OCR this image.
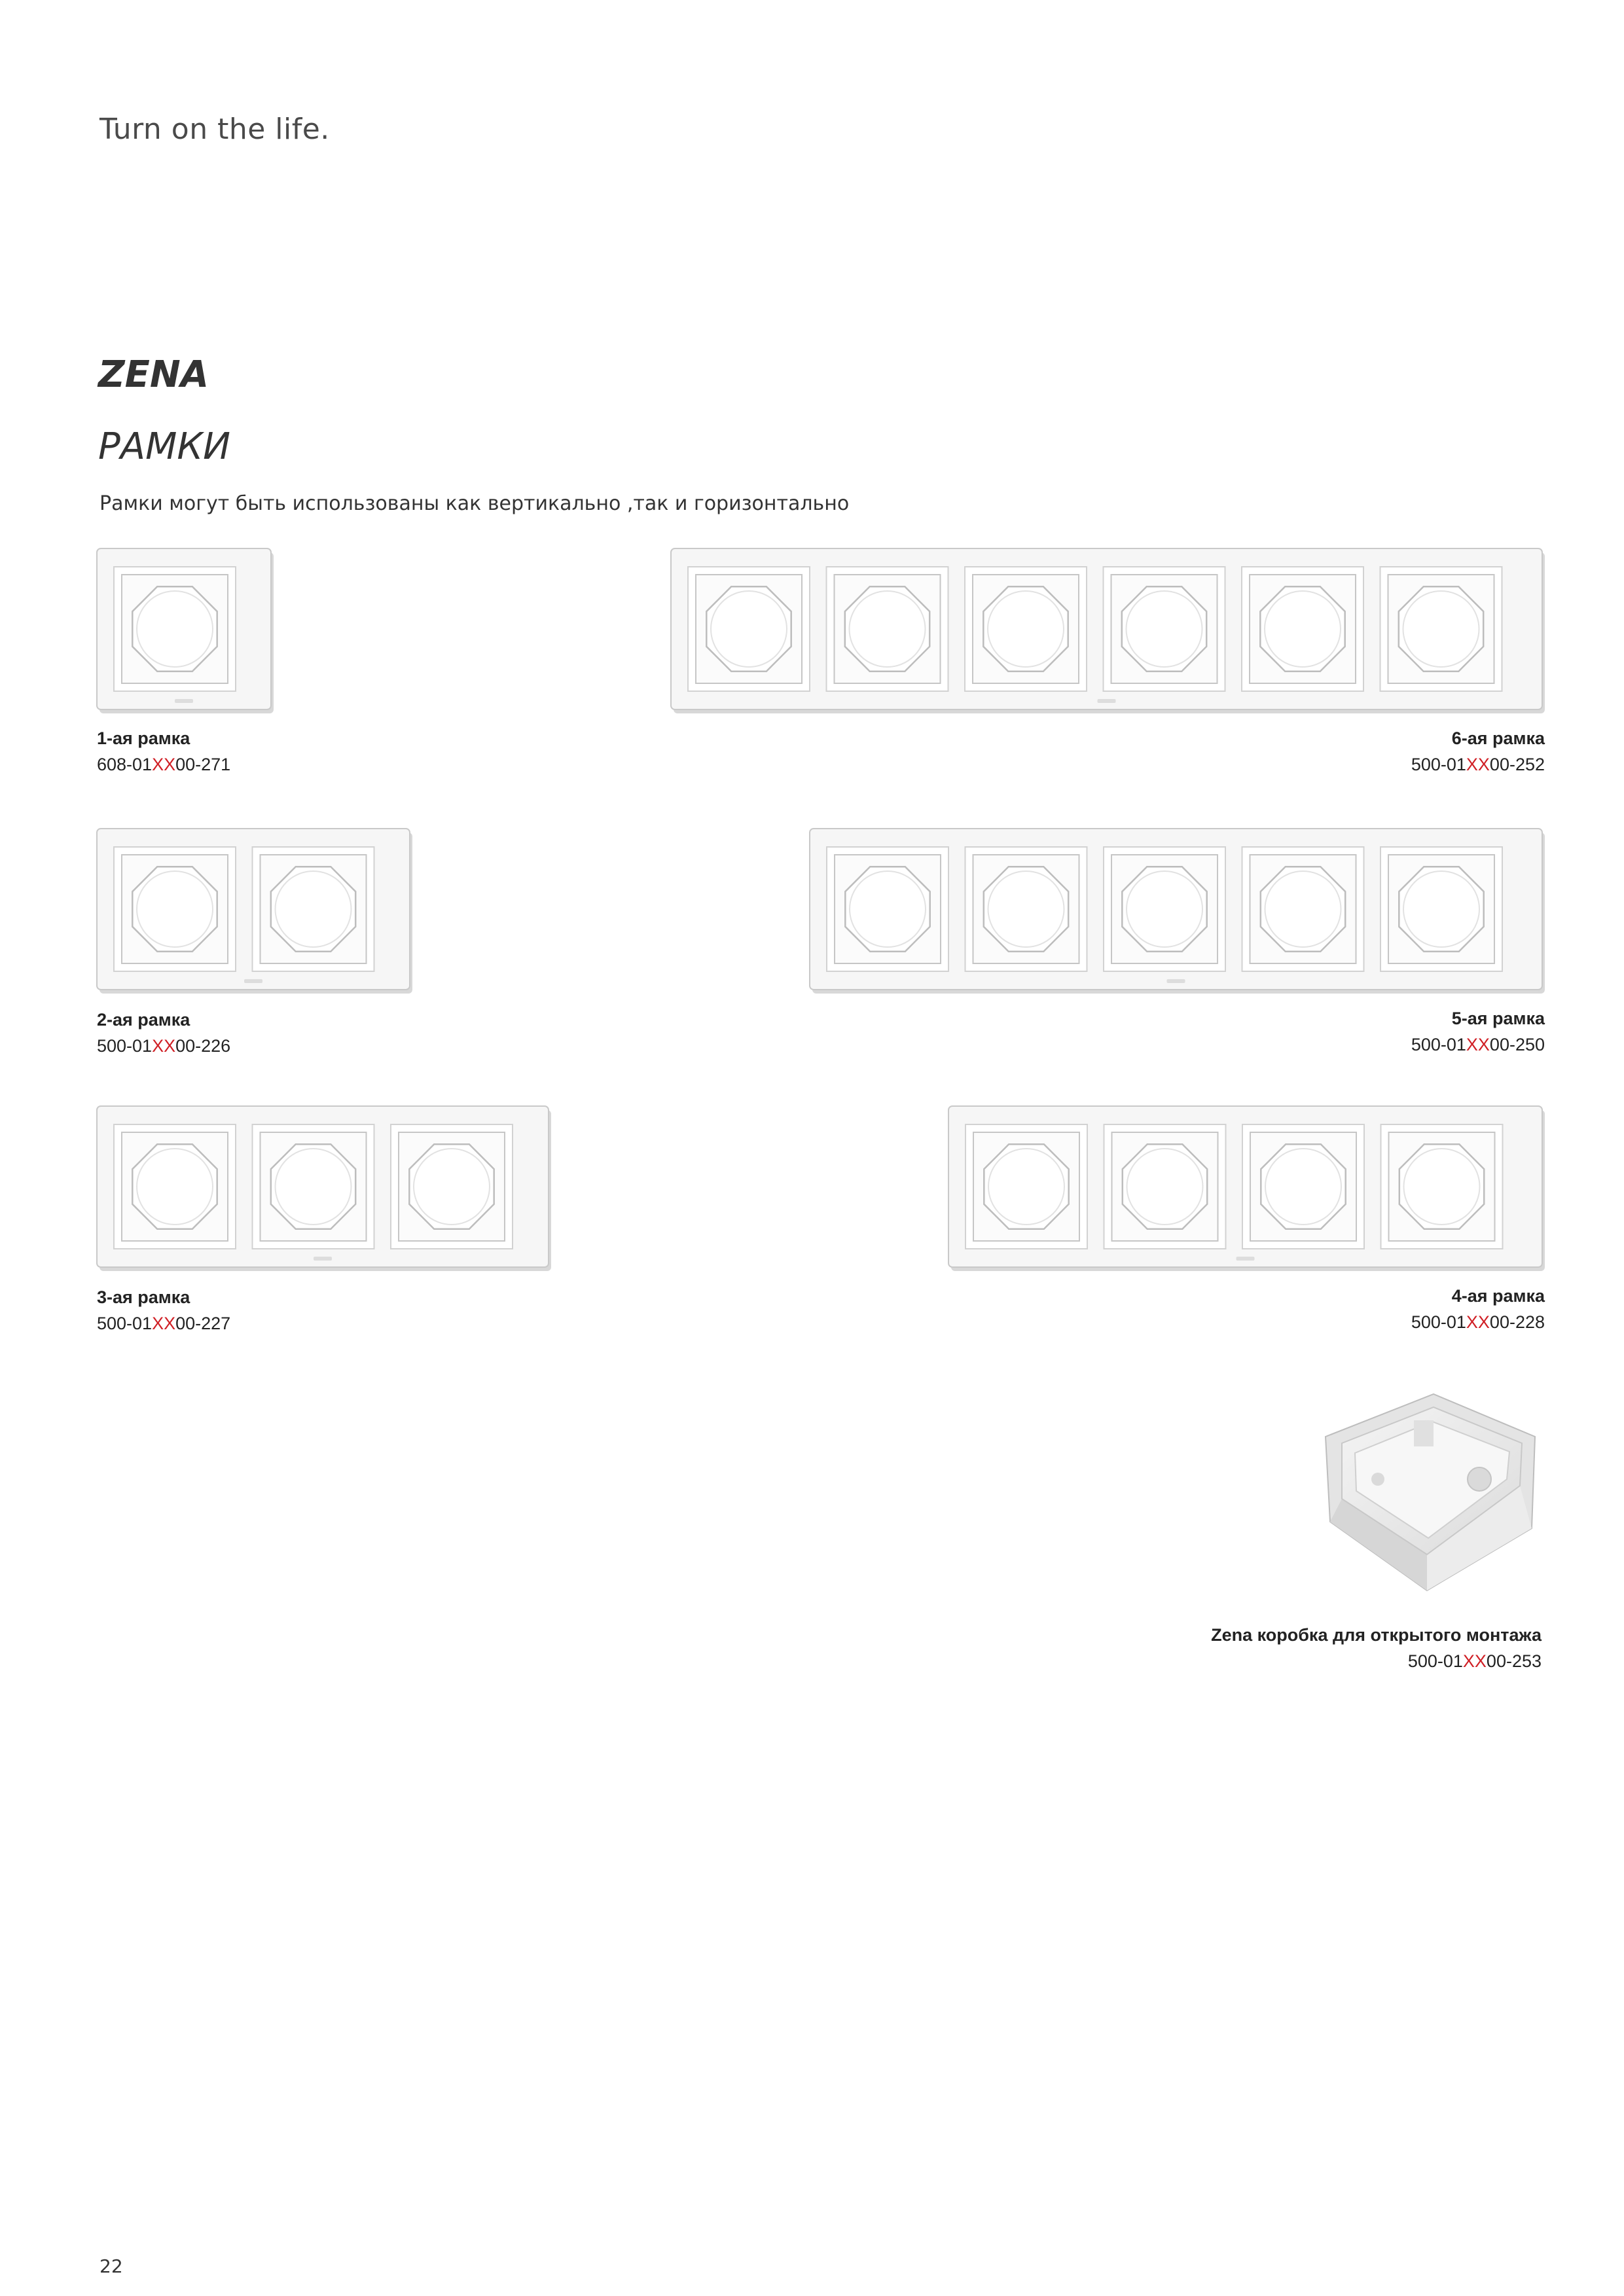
Turn on the life.
ZENA
РАМКИ
Рамки могут быть использованы как вертикально ,так и горизонтально
1-ая рамка
608-01XX00-271
6-ая рамка
500-01XX00-252
2-ая рамка
500-01XX00-226
5-ая рамка
500-01XX00-250
3-ая рамка
500-01XX00-227
4-ая рамка
500-01XX00-228
Zena коробка для открытого монтажа
500-01XX00-253
22
